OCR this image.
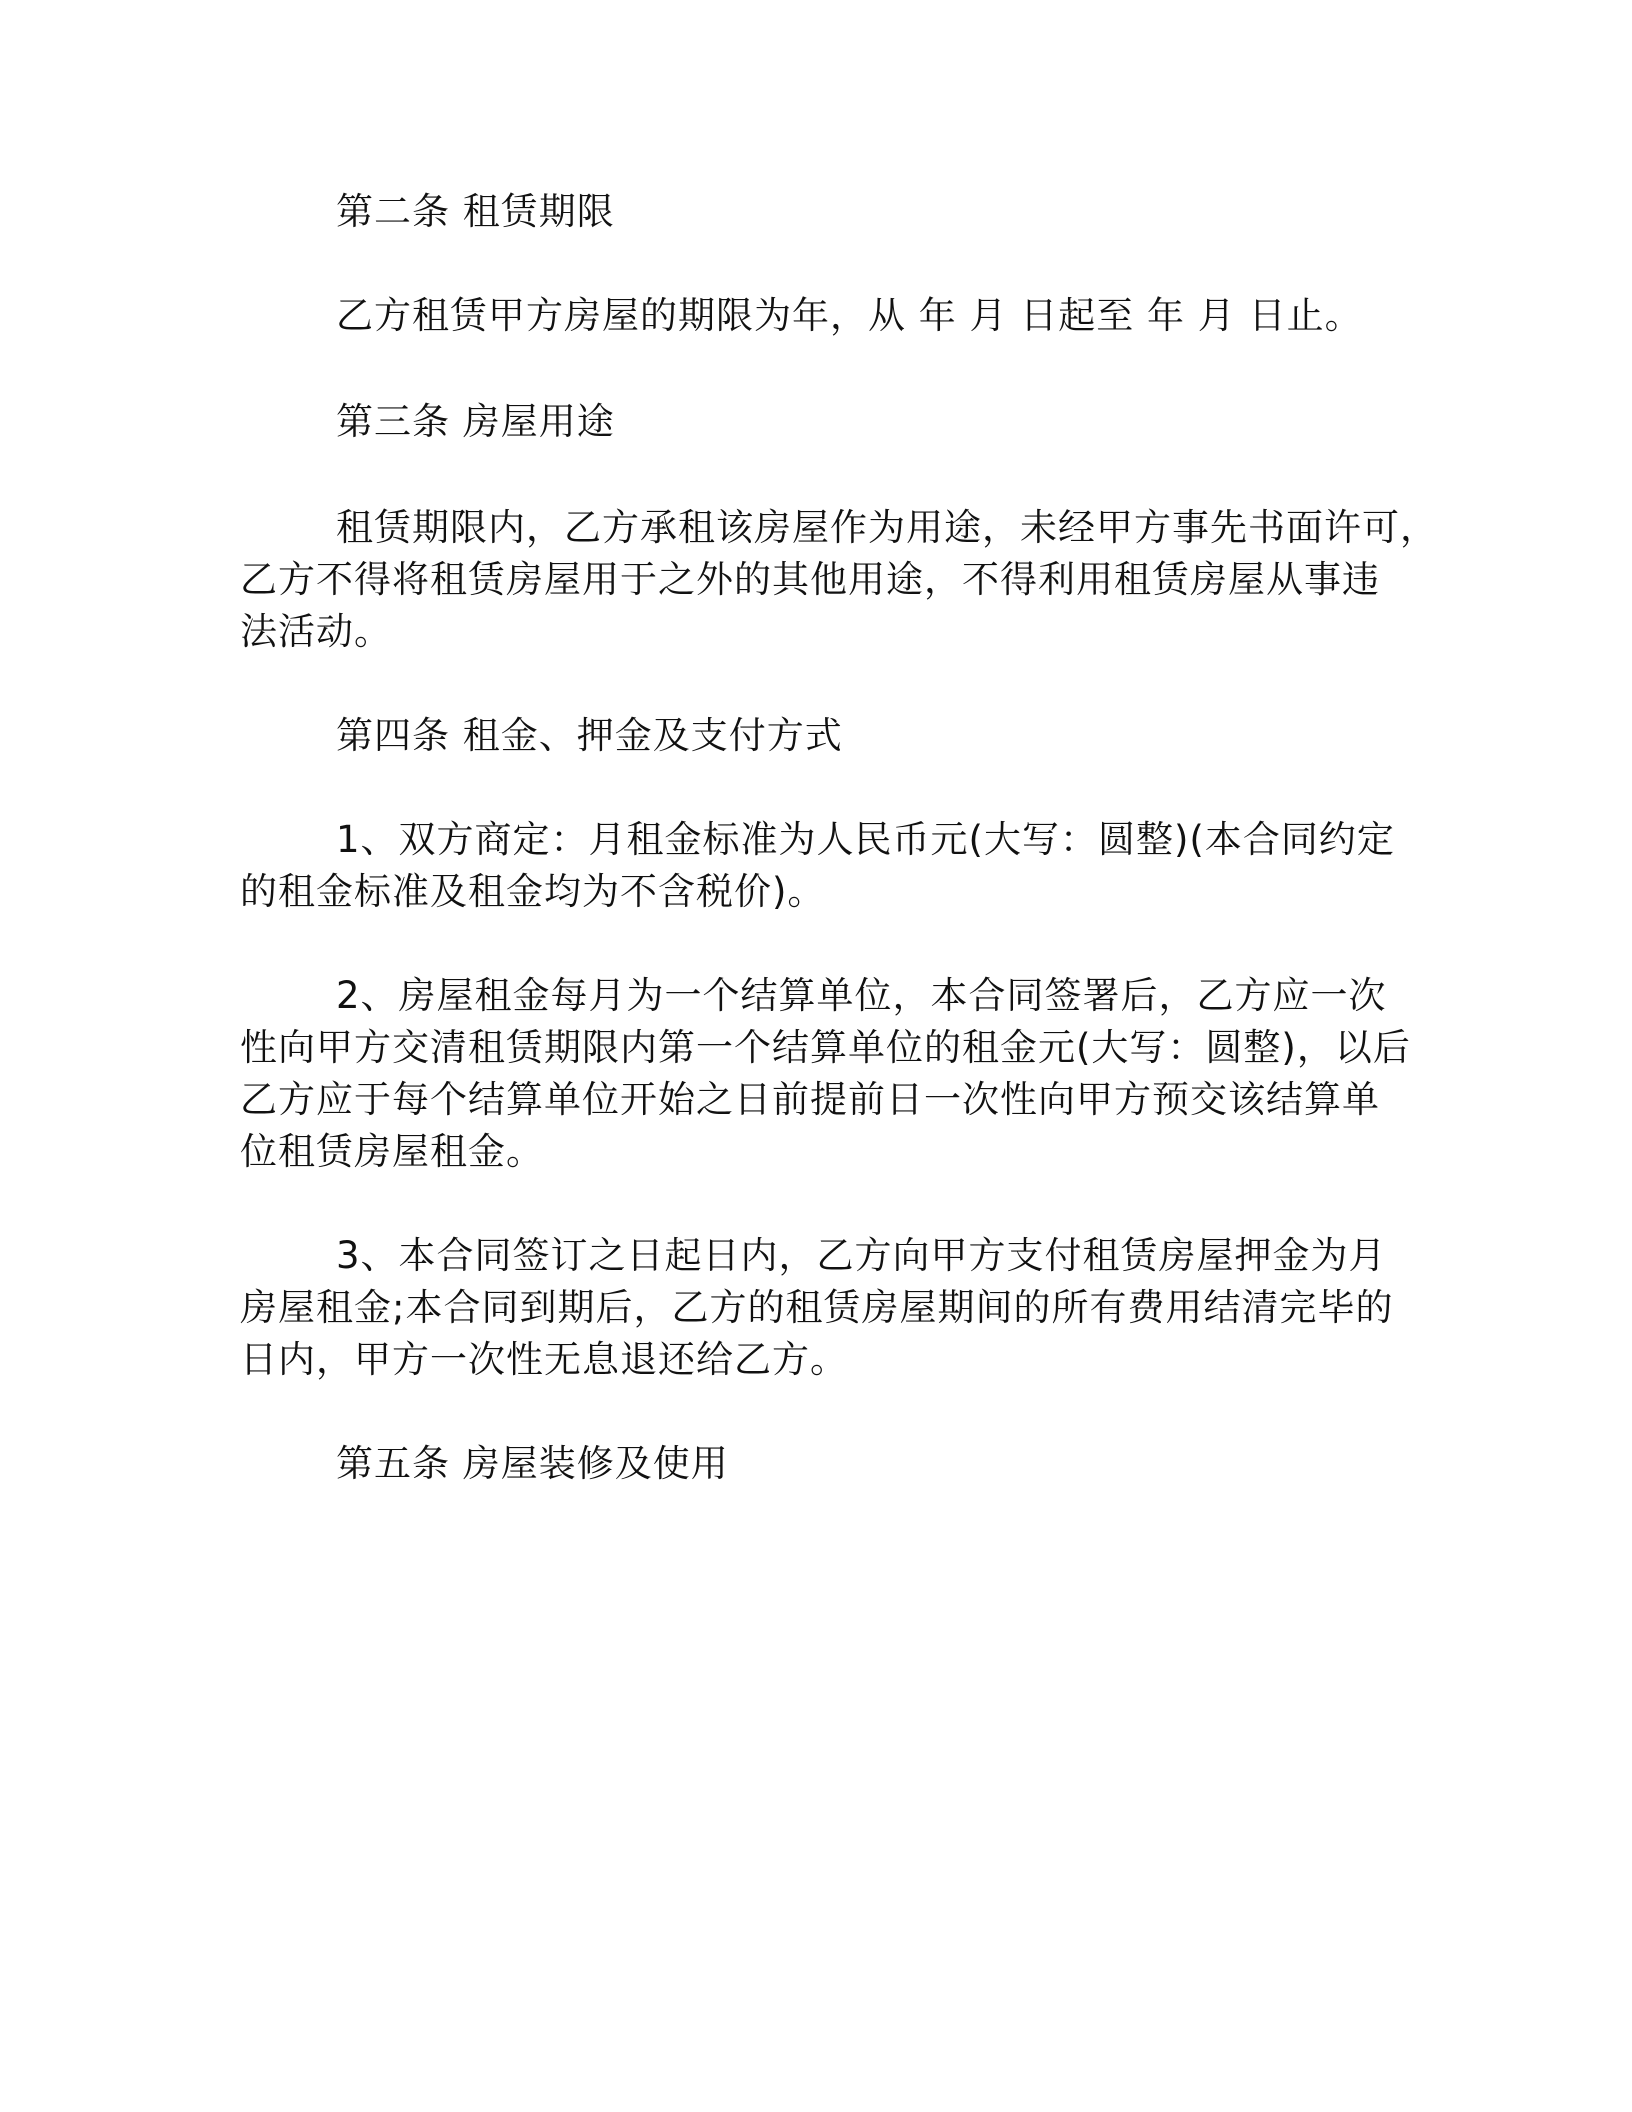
第二条 租赁期限
乙方租赁甲方房屋的期限为年，从 年 月 日起至 年 月 日止。
第三条 房屋用途
租赁期限内，乙方承租该房屋作为用途，未经甲方事先书面许可，
乙方不得将租赁房屋用于之外的其他用途，不得利用租赁房屋从事违
法活动。
第四条 租金、押金及支付方式
1、双方商定：月租金标准为人民币元(大写：圆整)(本合同约定
的租金标准及租金均为不含税价)。
2、房屋租金每月为一个结算单位，本合同签署后，乙方应一次
性向甲方交清租赁期限内第一个结算单位的租金元(大写：圆整)，以后
乙方应于每个结算单位开始之日前提前日一次性向甲方预交该结算单
位租赁房屋租金。
3、本合同签订之日起日内，乙方向甲方支付租赁房屋押金为月
房屋租金;本合同到期后，乙方的租赁房屋期间的所有费用结清完毕的
日内，甲方一次性无息退还给乙方。
第五条 房屋装修及使用
